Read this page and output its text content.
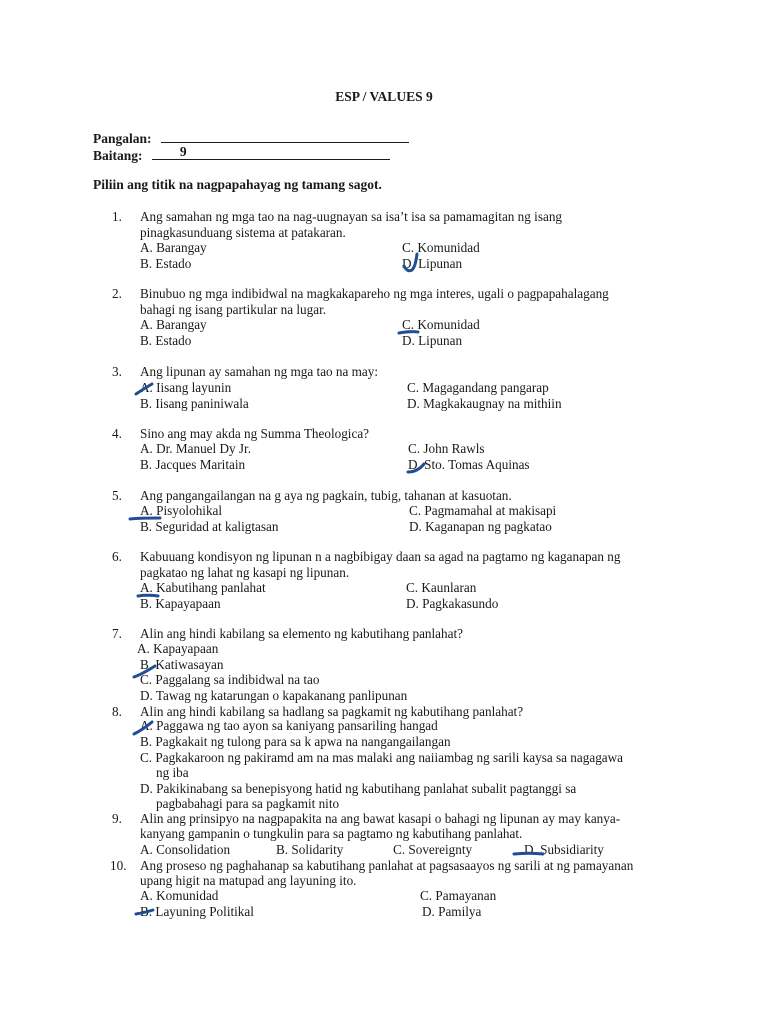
ESP / VALUES 9
Pangalan:
Baitang:	9
Piliin ang titik na nagpapahayag ng tamang sagot.
1.	Ang samahan ng mga tao na nag-uugnayan sa isa’t isa sa pamamagitan ng isang
pinagkasunduang sistema at patakaran.
A. Barangay
B. Estado
C. Komunidad
D. Lipunan
2.	Binubuo ng mga indibidwal na magkakapareho ng mga interes, ugali o pagpapahalagang
bahagi ng isang partikular na lugar.
A. Barangay
B. Estado
C. Komunidad
D. Lipunan
3.	Ang lipunan ay samahan ng mga tao na may:
A. Iisang layunin
B. Iisang paniniwala
C. Magagandang pangarap
D. Magkakaugnay na mithiin
4.	Sino ang may akda ng Summa Theologica?
A. Dr. Manuel Dy Jr.
B. Jacques Maritain
C. John Rawls
D. Sto. Tomas Aquinas
5.	Ang pangangailangan na g aya ng pagkain, tubig, tahanan at kasuotan.
A. Pisyolohikal
B. Seguridad at kaligtasan
C. Pagmamahal at makisapi
D. Kaganapan ng pagkatao
6.	Kabuuang kondisyon ng lipunan n a nagbibigay daan sa agad na pagtamo ng kaganapan ng
pagkatao ng lahat ng kasapi ng lipunan.
A. Kabutihang panlahat
B. Kapayapaan
C. Kaunlaran
D. Pagkakasundo
7.	Alin ang hindi kabilang sa elemento ng kabutihang panlahat?
A. Kapayapaan
B. Katiwasayan
C. Paggalang sa indibidwal na tao
D. Tawag ng katarungan o kapakanang panlipunan
8.	Alin ang hindi kabilang sa hadlang sa pagkamit ng kabutihang panlahat?
A. Paggawa ng tao ayon sa kaniyang pansariling hangad
B. Pagkakait ng tulong para sa k apwa na nangangailangan
C. Pagkakaroon ng pakiramd am na mas malaki ang naiiambag ng sarili kaysa sa nagagawa
ng iba
D. Pakikinabang sa benepisyong hatid ng kabutihang panlahat subalit pagtanggi sa
pagbabahagi para sa pagkamit nito
9.	Alin ang prinsipyo na nagpapakita na ang bawat kasapi o bahagi ng lipunan ay may kanya-
kanyang gampanin o tungkulin para sa pagtamo ng kabutihang panlahat.
A. Consolidation	B. Solidarity	C. Sovereignty	D. Subsidiarity
10.	Ang proseso ng paghahanap sa kabutihang panlahat at pagsasaayos ng sarili at ng pamayanan
upang higit na matupad ang layuning ito.
A. Komunidad
B. Layuning Politikal
C. Pamayanan
D. Pamilya
